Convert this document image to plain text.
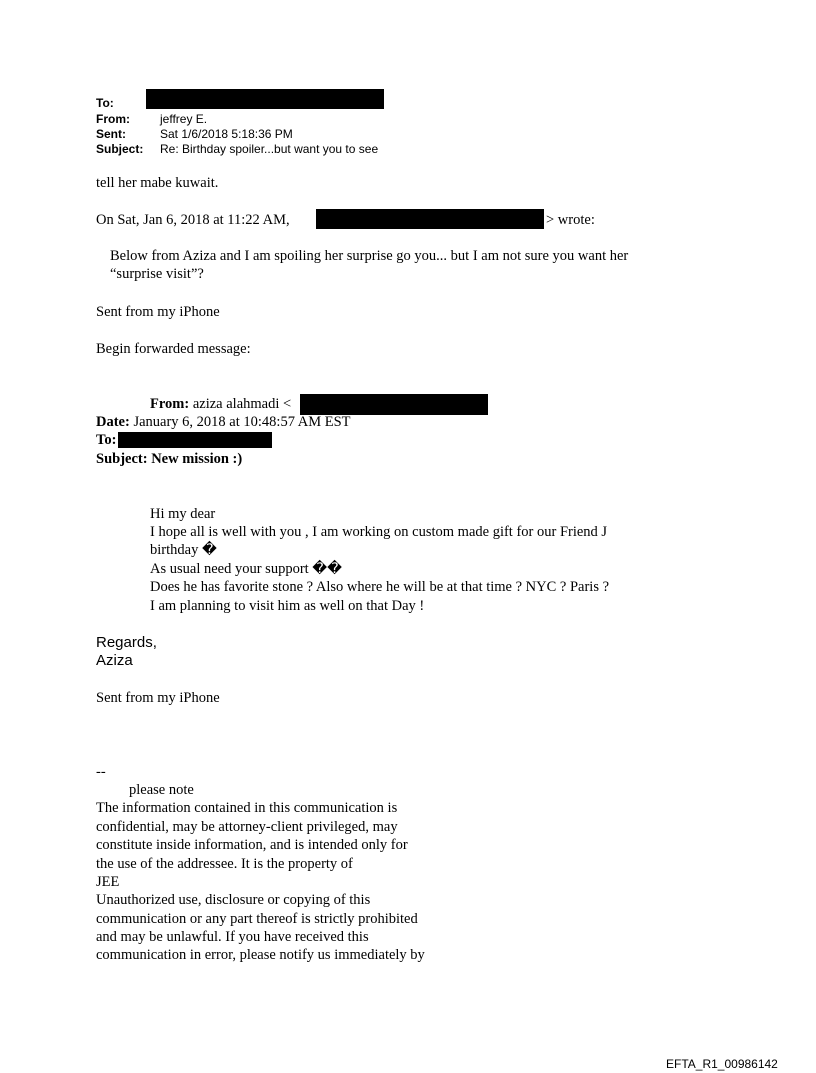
To:
From:	jeffrey E.
Sent:	Sat 1/6/2018 5:18:36 PM
Subject: Re: Birthday spoiler...but want you to see
tell her mabe kuwait.
On Sat, Jan 6, 2018 at 11:22 AM,	> wrote:
Below from Aziza and I am spoiling her surprise go you... but I am not sure you want her
“surprise visit”?
Sent from my iPhone
Begin forwarded message:
From: aziza alahmadi <
Date: January 6, 2018 at 10:48:57 AM EST
To:
Subject: New mission :)
Hi my dear
I hope all is well with you , I am working on custom made gift for our Friend J
birthday �
As usual need your support ��
Does he has favorite stone ? Also where he will be at that time ? NYC ? Paris ?
I am planning to visit him as well on that Day !
Regards,
Aziza
Sent from my iPhone
--
please note
The information contained in this communication is
confidential, may be attorney-client privileged, may
constitute inside information, and is intended only for
the use of the addressee. It is the property of
JEE
Unauthorized use, disclosure or copying of this
communication or any part thereof is strictly prohibited
and may be unlawful. If you have received this
communication in error, please notify us immediately by
EFTA_R1_00986142
